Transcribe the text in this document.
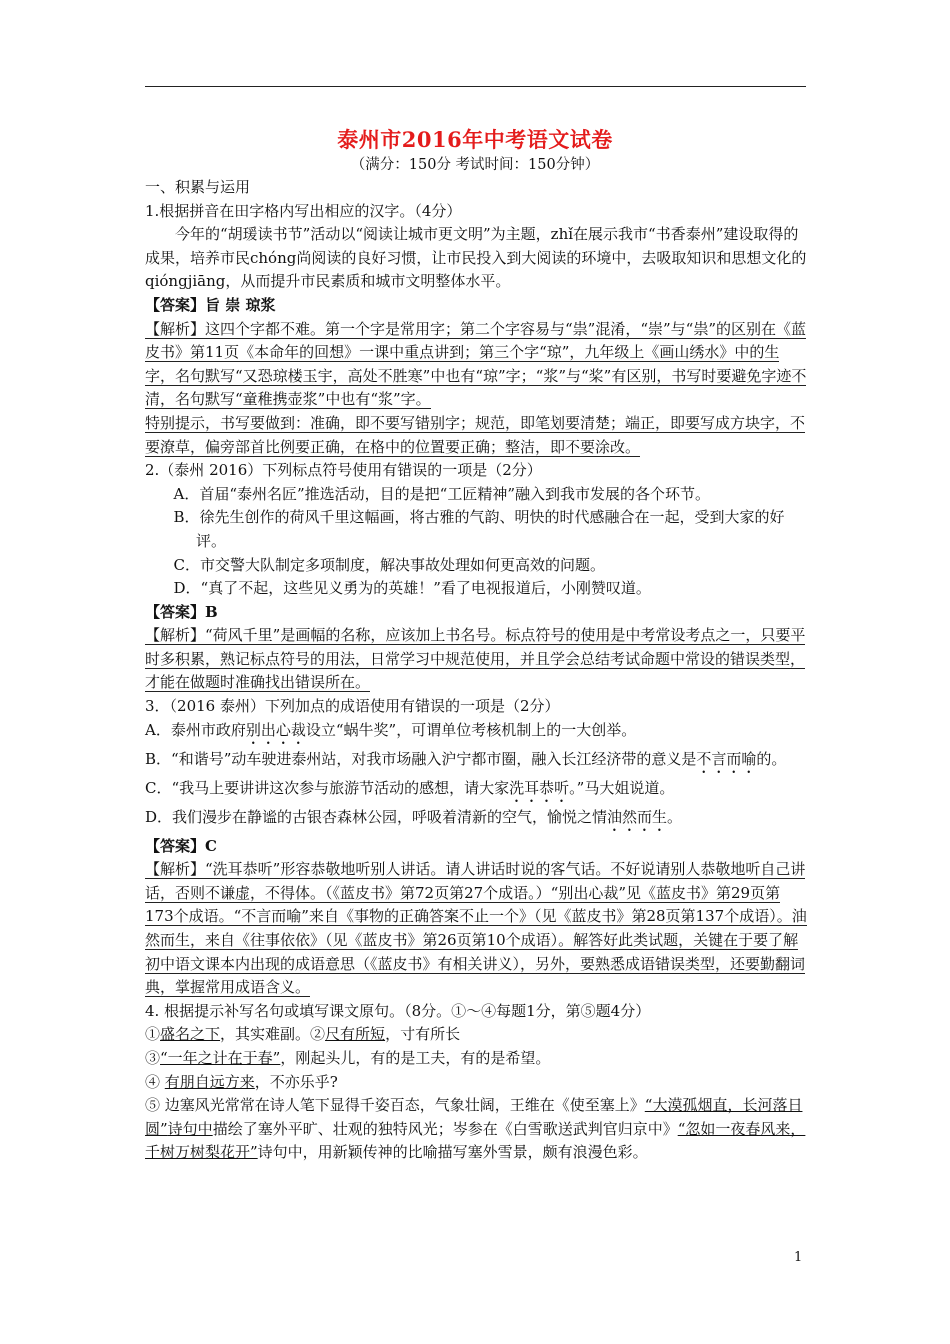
泰州市2016年中考语文试卷
（满分：150分 考试时间：150分钟）

一、积累与运用

1.根据拼音在田字格内写出相应的汉字。（4分）

今年的“胡瑗读书节”活动以“阅读让城市更文明”为主题，zhǐ在展示我市“书香泰州”建设取得的成果，培养市民chóng尚阅读的良好习惯，让市民投入到大阅读的环境中，去吸取知识和思想文化的qióngjiāng，从而提升市民素质和城市文明整体水平。

【答案】旨 崇 琼浆

【解析】这四个字都不难。第一个字是常用字；第二个字容易与“祟”混淆，“崇”与“祟”的区别在《蓝皮书》第11页《本命年的回想》一课中重点讲到；第三个字“琼”，九年级上《画山绣水》中的生字，名句默写“又恐琼楼玉宇，高处不胜寒”中也有“琼”字；“浆”与“桨”有区别，书写时要避免字迹不清，名句默写“童稚携壶浆”中也有“浆”字。

特别提示，书写要做到：准确，即不要写错别字；规范，即笔划要清楚；端正，即要写成方块字，不要潦草，偏旁部首比例要正确，在格中的位置要正确；整洁，即不要涂改。

2.（泰州 2016）下列标点符号使用有错误的一项是（2分）

A．首届“泰州名匠”推选活动，目的是把“工匠精神”融入到我市发展的各个环节。

B．徐先生创作的荷风千里这幅画，将古雅的气韵、明快的时代感融合在一起，受到大家的好评。

C．市交警大队制定多项制度，解决事故处理如何更高效的问题。

D．“真了不起，这些见义勇为的英雄！”看了电视报道后，小刚赞叹道。

【答案】B

【解析】“荷风千里”是画幅的名称，应该加上书名号。标点符号的使用是中考常设考点之一，只要平时多积累，熟记标点符号的用法，日常学习中规范使用，并且学会总结考试命题中常设的错误类型，才能在做题时准确找出错误所在。

3．（2016 泰州）下列加点的成语使用有错误的一项是（2分）

A．泰州市政府别出心裁设立“蜗牛奖”，可谓单位考核机制上的一大创举。

B．“和谐号”动车驶进泰州站，对我市场融入沪宁都市圈，融入长江经济带的意义是不言而喻的。

C．“我马上要讲讲这次参与旅游节活动的感想，请大家洗耳恭听。”马大姐说道。

D．我们漫步在静谧的古银杏森林公园，呼吸着清新的空气，愉悦之情油然而生。

【答案】C

【解析】“洗耳恭听”形容恭敬地听别人讲话。请人讲话时说的客气话。不好说请别人恭敬地听自己讲话，否则不谦虚，不得体。（《蓝皮书》第72页第27个成语。）“别出心裁”见《蓝皮书》第29页第173个成语。“不言而喻”来自《事物的正确答案不止一个》（见《蓝皮书》第28页第137个成语）。油然而生，来自《往事依依》（见《蓝皮书》第26页第10个成语）。解答好此类试题，关键在于要了解初中语文课本内出现的成语意思（《蓝皮书》有相关讲义），另外，要熟悉成语错误类型，还要勤翻词典，掌握常用成语含义。

4. 根据提示补写名句或填写课文原句。（8分。①～④每题1分，第⑤题4分）

①盛名之下，其实难副。②尺有所短，寸有所长

③“一年之计在于春”，刚起头儿，有的是工夫，有的是希望。

④ 有朋自远方来，不亦乐乎?

⑤ 边塞风光常常在诗人笔下显得千姿百态，气象壮阔，王维在《使至塞上》“大漠孤烟直，长河落日圆”诗句中描绘了塞外平旷、壮观的独特风光；岑参在《白雪歌送武判官归京中》“忽如一夜春风来，千树万树梨花开”诗句中，用新颖传神的比喻描写塞外雪景，颇有浪漫色彩。

1
